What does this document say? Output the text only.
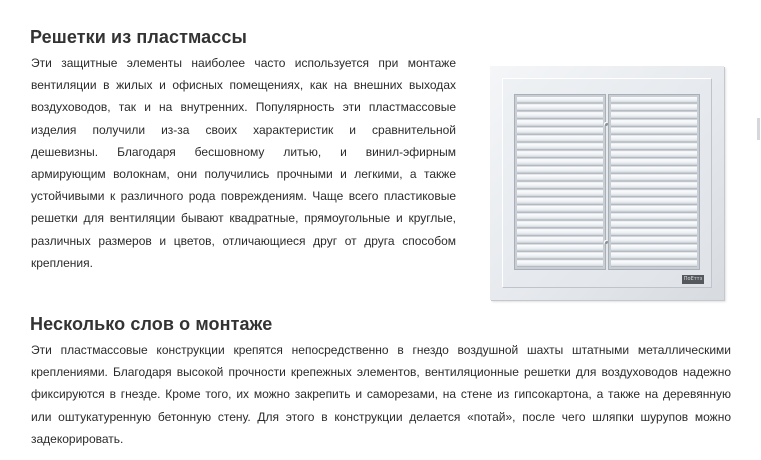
Решетки из пластмассы

Эти защитные элементы наиболее часто используется при монтаже вентиляции в жилых и офисных помещениях, как на внешних выходах воздуховодов, так и на внутренних. Популярность эти пластмассовые изделия получили из-за своих характеристик и сравнительной дешевизны. Благодаря бесшовному литью, и винил-эфирным армирующим волокнам, они получились прочными и легкими, а также устойчивыми к различного рода повреждениям. Чаще всего пластиковые решетки для вентиляции бывают квадратные, прямоугольные и круглые, различных размеров и цветов, отличающиеся друг от друга способом крепления.

ПоЕттз
Несколько слов о монтаже

Эти пластмассовые конструкции крепятся непосредственно в гнездо воздушной шахты штатными металлическими креплениями. Благодаря высокой прочности крепежных элементов, вентиляционные решетки для воздуховодов надежно фиксируются в гнезде. Кроме того, их можно закрепить и саморезами, на стене из гипсокартона, а также на деревянную или оштукатуренную бетонную стену. Для этого в конструкции делается «потай», после чего шляпки шурупов можно задекорировать.
